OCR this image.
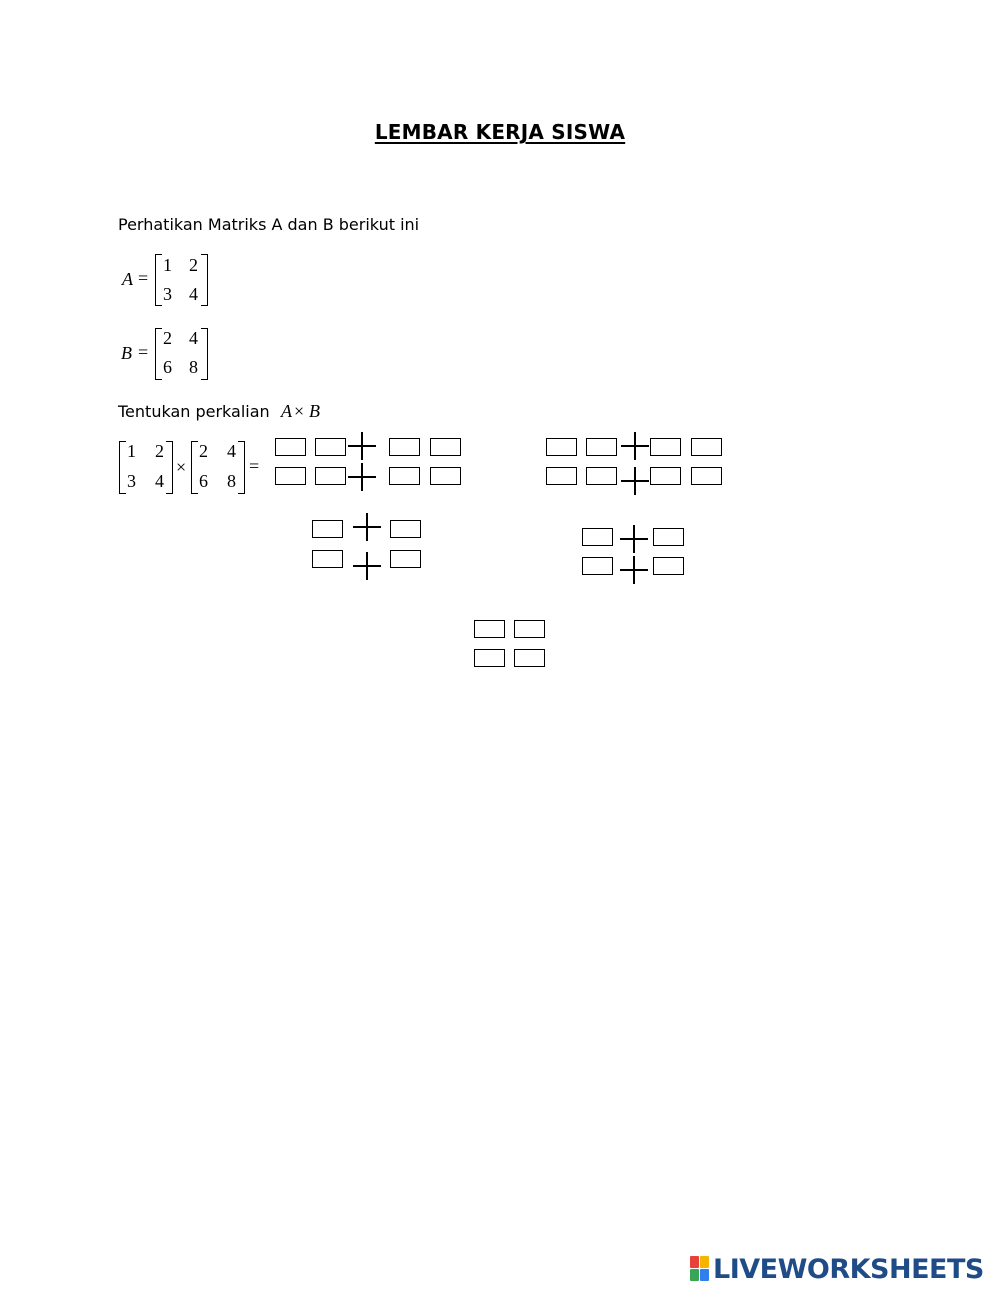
LEMBAR KERJA SISWA
Perhatikan Matriks A dan B berikut ini
A =
1 2
3 4
B =
2 4
6 8
Tentukan perkalian A × B
1 2
3 4
×
2 4
6 8
=
LIVEWORKSHEETS
